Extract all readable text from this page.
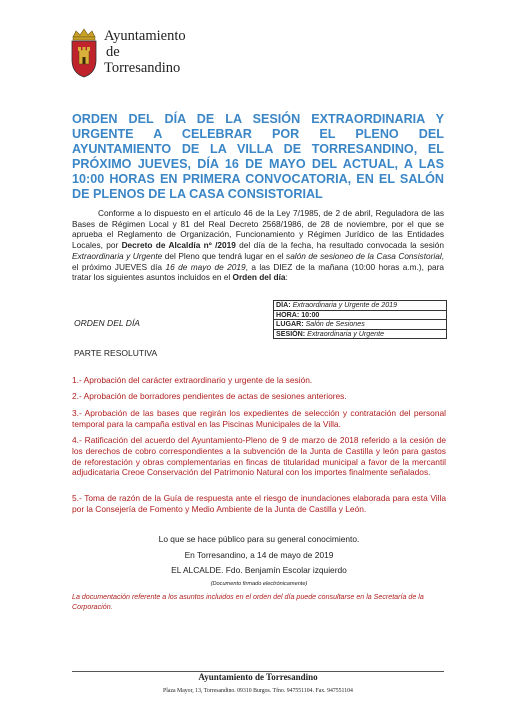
Ayuntamiento
de
Torresandino
ORDEN DEL DÍA DE LA SESIÓN EXTRAORDINARIA Y URGENTE A CELEBRAR POR EL PLENO DEL AYUNTAMIENTO DE LA VILLA DE TORRESANDINO, EL PRÓXIMO JUEVES, DÍA 16 DE MAYO DEL ACTUAL, A LAS 10:00 HORAS EN PRIMERA CONVOCATORIA, EN EL SALÓN DE PLENOS DE LA CASA CONSISTORIAL
Conforme a lo dispuesto en el artículo 46 de la Ley 7/1985, de 2 de abril, Reguladora de las Bases de Régimen Local y 81 del Real Decreto 2568/1986, de 28 de noviembre, por el que se aprueba el Reglamento de Organización, Funcionamiento y Régimen Jurídico de las Entidades Locales, por Decreto de Alcaldía nº /2019 del día de la fecha, ha resultado convocada la sesión Extraordinaria y Urgente del Pleno que tendrá lugar en el salón de sesioneo de la Casa Consistorial, el próximo JUEVES día 16 de mayo de 2019, a las DIEZ de la mañana (10:00 horas a.m.), para tratar los siguientes asuntos incluidos en el Orden del día:
DÍA: Extraordinaria y Urgente de 2019
HORA: 10:00
LUGAR: Salón de Sesiones
SESIÓN: Extraordinaria y Urgente
ORDEN DEL DÍA
PARTE RESOLUTIVA
1.- Aprobación del carácter extraordinario y urgente de la sesión.
2.- Aprobación de borradores pendientes de actas de sesiones anteriores.
3.- Aprobación de las bases que regirán los expedientes de selección y contratación del personal temporal para la campaña estival en las Piscinas Municipales de la Villa.
4.- Ratificación del acuerdo del Ayuntamiento-Pleno de 9 de marzo de 2018 referido a la cesión de los derechos de cobro correspondientes a la subvención de la Junta de Castilla y león para gastos de reforestación y obras complementarias en fincas de titularidad municipal a favor de la mercantil adjudicataria Creoe Conservación del Patrimonio Natural con los importes finalmente señalados.
5.- Toma de razón de la Guía de respuesta ante el riesgo de inundaciones elaborada para esta Villa por la Consejería de Fomento y Medio Ambiente de la Junta de Castilla y León.
Lo que se hace público para su general conocimiento.
En Torresandino, a 14 de mayo de 2019
EL ALCALDE. Fdo. Benjamín Escolar izquierdo
(Documento firmado electrónicamente)
La documentación referente a los asuntos incluidos en el orden del día puede consultarse en la Secretaría de la Corporación.
Ayuntamiento de Torresandino
Plaza Mayor, 13, Torresandino. 09310 Burgos. Tfno. 947551104. Fax. 947551104
